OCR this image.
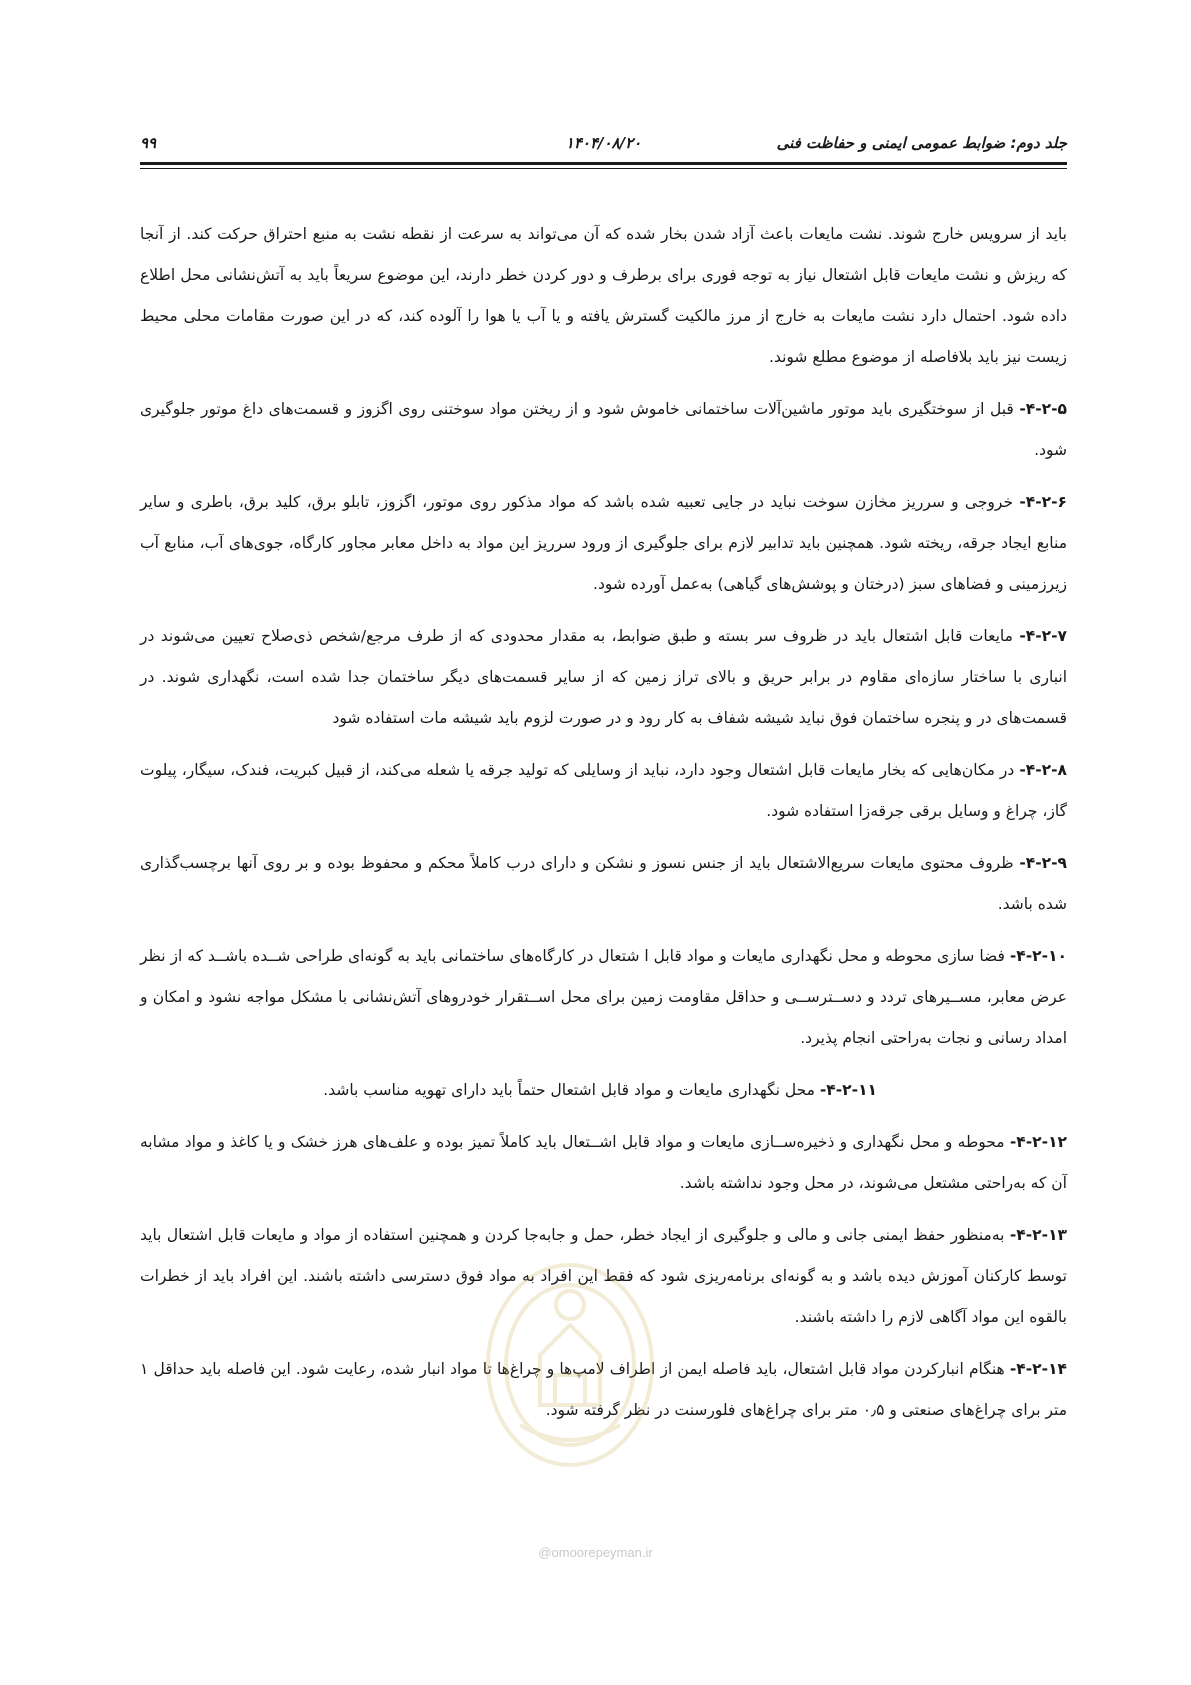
جلد دوم: ضوابط عمومی ایمنی و حفاظت فنی
۱۴۰۴/۰۸/۲۰
۹۹

باید از سرویس خارج شوند. نشت مایعات باعث آزاد شدن بخار شده که آن می‌تواند به سرعت از نقطه نشت به منبع احتراق حرکت کند. از آنجا که ریزش و نشت مایعات قابل اشتعال نیاز به توجه فوری برای برطرف و دور کردن خطر دارند، این موضوع سریعاً باید به آتش‌نشانی محل اطلاع داده شود. احتمال دارد نشت مایعات به خارج از مرز مالکیت گسترش یافته و یا آب یا هوا را آلوده کند، که در این صورت مقامات محلی محیط زیست نیز باید بلافاصله از موضوع مطلع شوند.

۴-۲-۵- قبل از سوختگیری باید موتور ماشین‌آلات ساختمانی خاموش شود و از ریختن مواد سوختنی روی اگزوز و قسمت‌های داغ موتور جلوگیری شود.

۴-۲-۶- خروجی و سرریز مخازن سوخت نباید در جایی تعبیه شده باشد که مواد مذکور روی موتور، اگزوز، تابلو برق، کلید برق، باطری و سایر منابع ایجاد جرقه، ریخته شود. همچنین باید تدابیر لازم برای جلوگیری از ورود سرریز این مواد به داخل معابر مجاور کارگاه، جوی‌های آب، منابع آب زیرزمینی و فضاهای سبز (درختان و پوشش‌های گیاهی) به‌عمل آورده شود.

۴-۲-۷- مایعات قابل اشتعال باید در ظروف سر بسته و طبق ضوابط، به مقدار محدودی که از طرف مرجع/شخص ذی‌صلاح تعیین می‌شوند در انباری با ساختار سازه‌ای مقاوم در برابر حریق و بالای تراز زمین که از سایر قسمت‌های دیگر ساختمان جدا شده است، نگهداری شوند. در قسمت‌های در و پنجره ساختمان فوق نباید شیشه شفاف به کار رود و در صورت لزوم باید شیشه مات استفاده شود

۴-۲-۸- در مکان‌هایی که بخار مایعات قابل اشتعال وجود دارد، نباید از وسایلی که تولید جرقه یا شعله می‌کند، از قبیل کبریت، فندک، سیگار، پیلوت گاز، چراغ و وسایل برقی جرقه‌زا استفاده شود.

۴-۲-۹- ظروف محتوی مایعات سریع‌الاشتعال باید از جنس نسوز و نشکن و دارای درب کاملاً محکم و محفوظ بوده و بر روی آنها برچسب‌گذاری شده باشد.

۴-۲-۱۰- فضا سازی محوطه و محل نگهداری مایعات و مواد قابل ا شتعال در کارگاه‌های ساختمانی باید به گونه‌ای طراحی شــده باشــد که از نظر عرض معابر، مســیرهای تردد و دســترســی و حداقل مقاومت زمین برای محل اســتقرار خودروهای آتش‌نشانی با مشکل مواجه نشود و امکان و امداد رسانی و نجات به‌راحتی انجام پذیرد.

۴-۲-۱۱- محل نگهداری مایعات و مواد قابل اشتعال حتماً باید دارای تهویه مناسب باشد.

۴-۲-۱۲- محوطه و محل نگهداری و ذخیره‌ســازی مایعات و مواد قابل اشــتعال باید کاملاً تمیز بوده و علف‌های هرز خشک و یا کاغذ و مواد مشابه آن که به‌راحتی مشتعل می‌شوند، در محل وجود نداشته باشد.

۴-۲-۱۳- به‌منظور حفظ ایمنی جانی و مالی و جلوگیری از ایجاد خطر، حمل و جابه‌جا کردن و همچنین استفاده از مواد و مایعات قابل اشتعال باید توسط کارکنان آموزش دیده باشد و به گونه‌ای برنامه‌ریزی شود که فقط این افراد به مواد فوق دسترسی داشته باشند. این افراد باید از خطرات بالقوه این مواد آگاهی لازم را داشته باشند.

۴-۲-۱۴- هنگام انبارکردن مواد قابل اشتعال، باید فاصله ایمن از اطراف لامپ‌ها و چراغ‌ها تا مواد انبار شده، رعایت شود. این فاصله باید حداقل ۱ متر برای چراغ‌های صنعتی و ۰٫۵ متر برای چراغ‌های فلورسنت در نظر گرفته شود.

@omoorepeyman.ir
